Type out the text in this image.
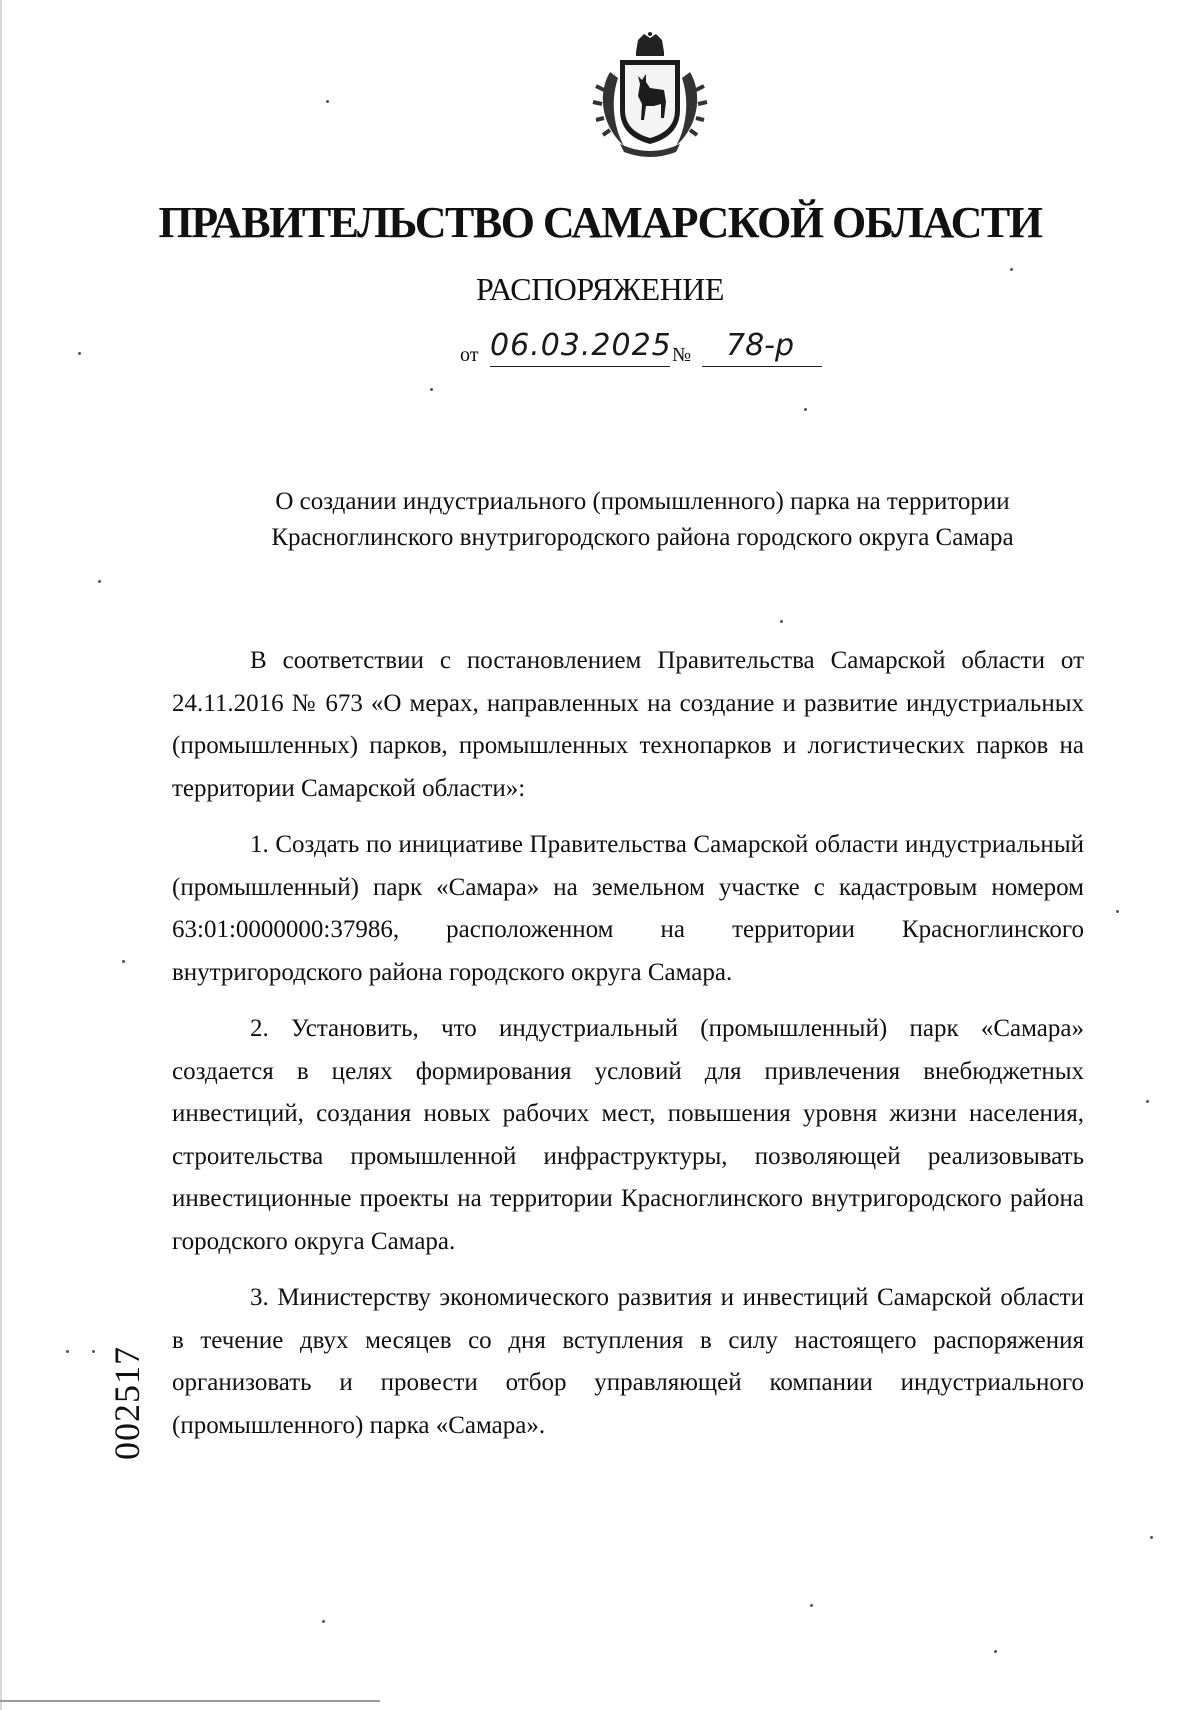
ПРАВИТЕЛЬСТВО САМАРСКОЙ ОБЛАСТИ
РАСПОРЯЖЕНИЕ
от 06.03.2025 №	78-р
О создании индустриального (промышленного) парка на территории
Красноглинского внутригородского района городского округа Самара

В соответствии с постановлением Правительства Самарской области от 24.11.2016 № 673 «О мерах, направленных на создание и развитие индустриальных (промышленных) парков, промышленных технопарков и логистических парков на территории Самарской области»:

1. Создать по инициативе Правительства Самарской области индустриальный (промышленный) парк «Самара» на земельном участке с кадастровым номером 63:01:0000000:37986, расположенном на территории Красноглинского внутригородского района городского округа Самара.

2. Установить, что индустриальный (промышленный) парк «Самара» создается в целях формирования условий для привлечения внебюджетных инвестиций, создания новых рабочих мест, повышения уровня жизни населения, строительства промышленной инфраструктуры, позволяющей реализовывать инвестиционные проекты на территории Красноглинского внутригородского района городского округа Самара.

3. Министерству экономического развития и инвестиций Самарской области в течение двух месяцев со дня вступления в силу настоящего распоряжения организовать и провести отбор управляющей компании индустриального (промышленного) парка «Самара».

002517
